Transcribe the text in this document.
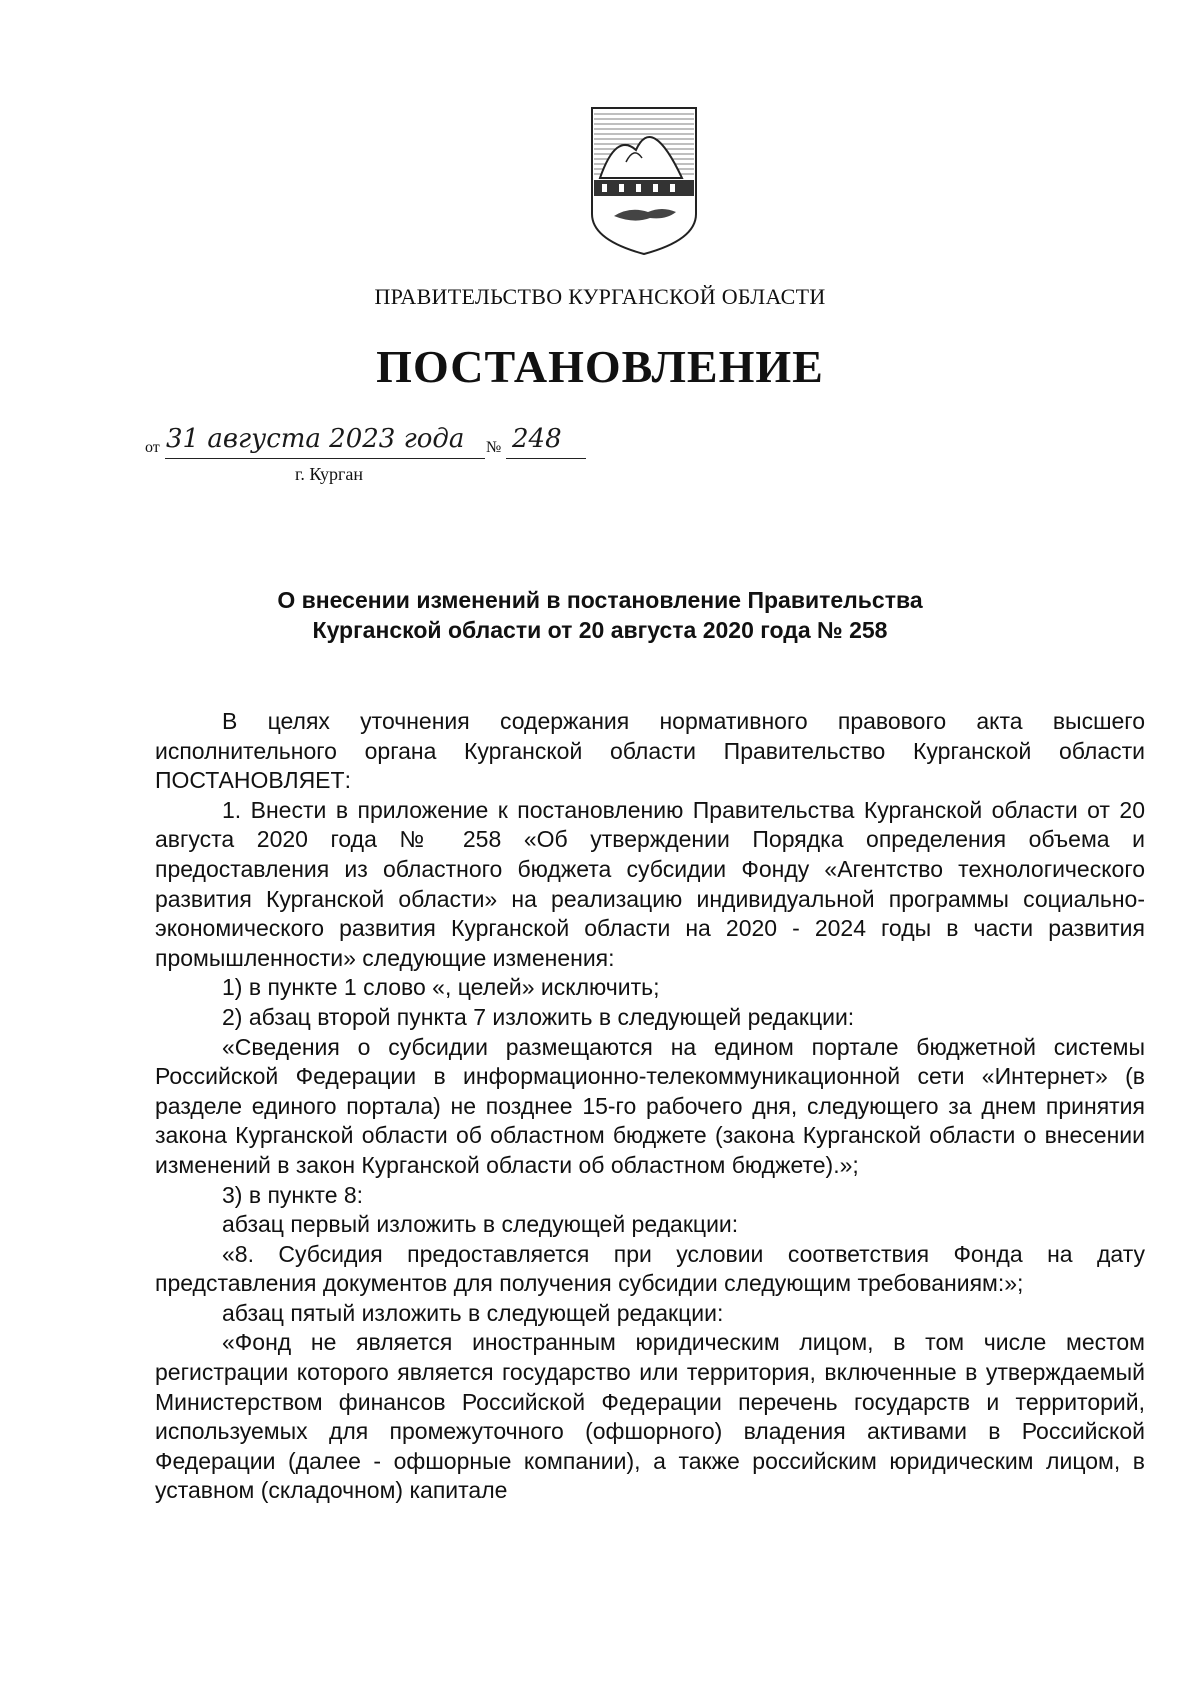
ПРАВИТЕЛЬСТВО КУРГАНСКОЙ ОБЛАСТИ
ПОСТАНОВЛЕНИЕ
от 31 августа 2023 года № 248
г. Курган
О внесении изменений в постановление Правительства
Курганской области от 20 августа 2020 года № 258

В целях уточнения содержания нормативного правового акта высшего исполнительного органа Курганской области Правительство Курганской области ПОСТАНОВЛЯЕТ:

1. Внести в приложение к постановлению Правительства Курганской области от 20 августа 2020 года № 258 «Об утверждении Порядка определения объема и предоставления из областного бюджета субсидии Фонду «Агентство технологического развития Курганской области» на реализацию индивидуальной программы социально-экономического развития Курганской области на 2020 - 2024 годы в части развития промышленности» следующие изменения:

1) в пункте 1 слово «, целей» исключить;

2) абзац второй пункта 7 изложить в следующей редакции:

«Сведения о субсидии размещаются на едином портале бюджетной системы Российской Федерации в информационно-телекоммуникационной сети «Интернет» (в разделе единого портала) не позднее 15-го рабочего дня, следующего за днем принятия закона Курганской области об областном бюджете (закона Курганской области о внесении изменений в закон Курганской области об областном бюджете).»;

3) в пункте 8:

абзац первый изложить в следующей редакции:

«8. Субсидия предоставляется при условии соответствия Фонда на дату представления документов для получения субсидии следующим требованиям:»;

абзац пятый изложить в следующей редакции:

«Фонд не является иностранным юридическим лицом, в том числе местом регистрации которого является государство или территория, включенные в утверждаемый Министерством финансов Российской Федерации перечень государств и территорий, используемых для промежуточного (офшорного) владения активами в Российской Федерации (далее - офшорные компании), а также российским юридическим лицом, в уставном (складочном) капитале
